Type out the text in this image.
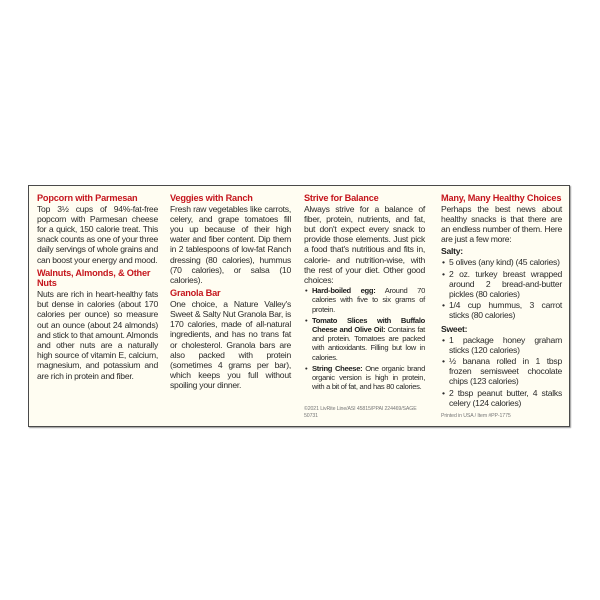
Popcorn with Parmesan

Top 3½ cups of 94%-fat-free popcorn with Parmesan cheese for a quick, 150 calorie treat. This snack counts as one of your three daily servings of whole grains and can boost your energy and mood.

Walnuts, Almonds, & Other Nuts

Nuts are rich in heart-healthy fats but dense in calories (about 170 calories per ounce) so measure out an ounce (about 24 almonds) and stick to that amount. Almonds and other nuts are a naturally high source of vitamin E, calcium, magnesium, and potassium and are rich in protein and fiber.

Veggies with Ranch

Fresh raw vegetables like carrots, celery, and grape tomatoes fill you up because of their high water and fiber content. Dip them in 2 tablespoons of low-fat Ranch dressing (80 calories), hummus (70 calories), or salsa (10 calories).

Granola Bar

One choice, a Nature Valley's Sweet & Salty Nut Granola Bar, is 170 calories, made of all-natural ingredients, and has no trans fat or cholesterol. Granola bars are also packed with protein (sometimes 4 grams per bar), which keeps you full without spoiling your dinner.

Strive for Balance

Always strive for a balance of fiber, protein, nutrients, and fat, but don't expect every snack to provide those elements. Just pick a food that's nutritious and fits in, calorie- and nutrition-wise, with the rest of your diet. Other good choices:

• Hard-boiled egg: Around 70 calories with five to six grams of protein.
• Tomato Slices with Buffalo Cheese and Olive Oil: Contains fat and protein. Tomatoes are packed with antioxidants. Filling but low in calories.
• String Cheese: One organic brand organic version is high in protein, with a bit of fat, and has 80 calories.
©2021 LivRite Line/ASI 45815/PPAI 224469/SAGE 50731
Many, Many Healthy Choices

Perhaps the best news about healthy snacks is that there are an endless number of them. Here are just a few more:

Salty:
• 5 olives (any kind) (45 calories)
• 2 oz. turkey breast wrapped around 2 bread-and-butter pickles (80 calories)
• 1/4 cup hummus, 3 carrot sticks (80 calories)
Sweet:
• 1 package honey graham sticks (120 calories)
• ½ banana rolled in 1 tbsp frozen semisweet chocolate chips (123 calories)
• 2 tbsp peanut butter, 4 stalks celery (124 calories)
Printed in USA / Item #PP-1775
